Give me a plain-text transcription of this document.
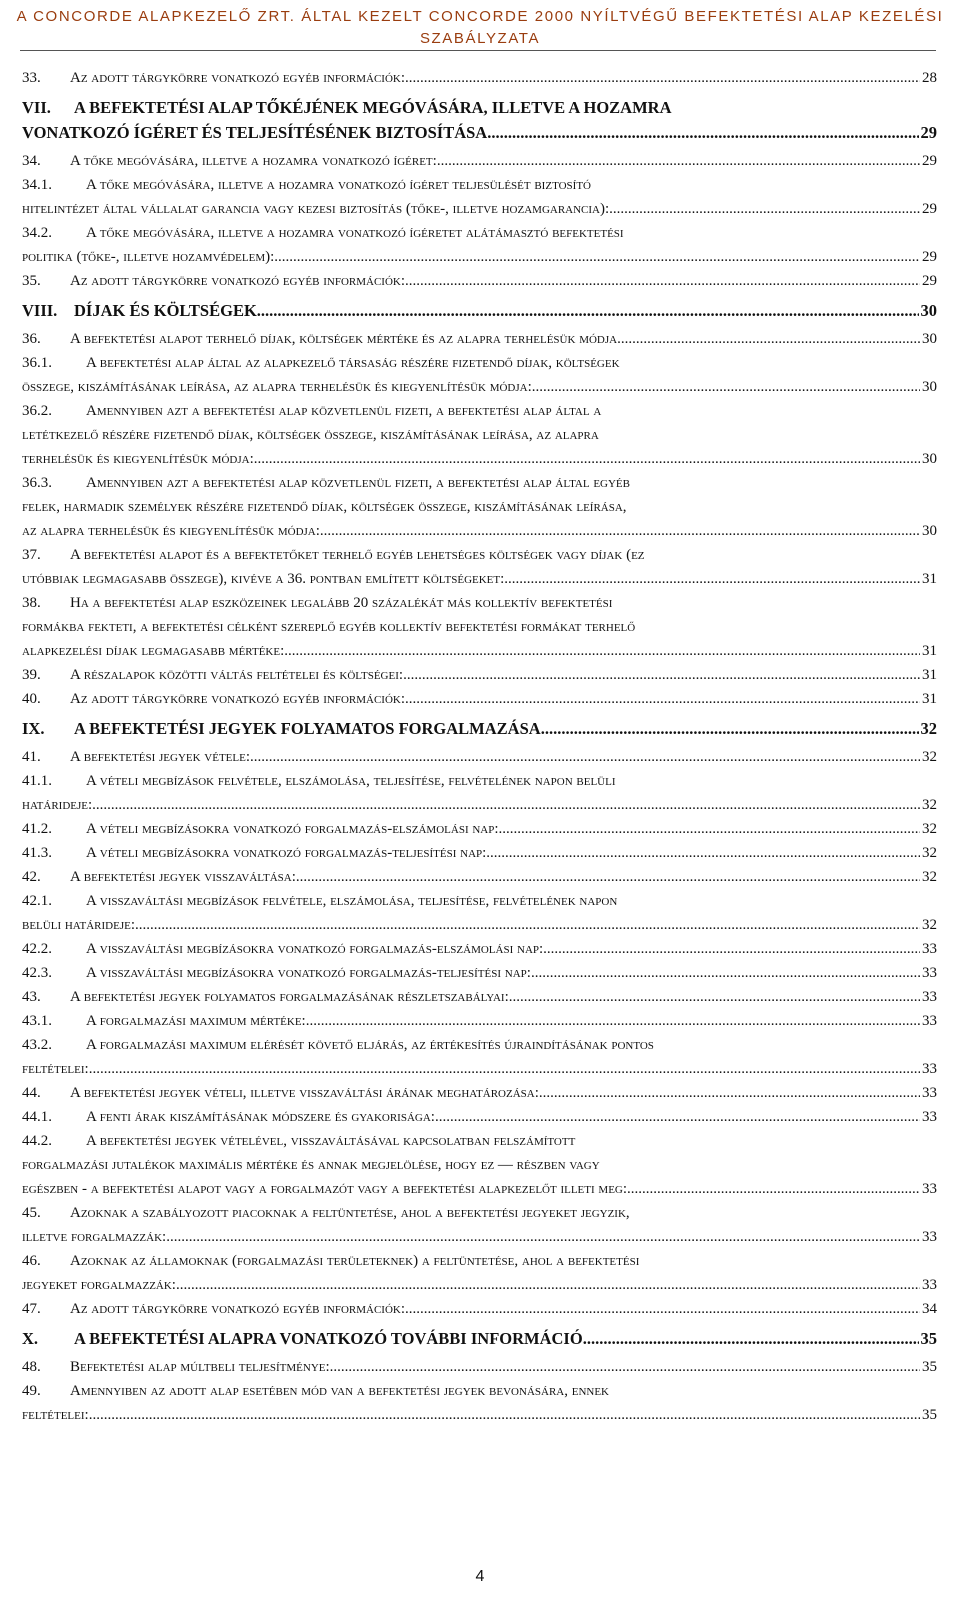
A CONCORDE ALAPKEZELŐ ZRT. ÁLTAL KEZELT CONCORDE 2000 NYÍLTVÉGŰ BEFEKTETÉSI ALAP KEZELÉSI
SZABÁLYZATA
33. Az adott tárgykörre vonatkozó egyéb információk: .....	28
VII. A BEFEKTETÉSI ALAP TŐKÉJÉNEK MEGÓVÁSÁRA, ILLETVE A HOZAMRA
VONATKOZÓ ÍGÉRET ÉS TELJESÍTÉSÉNEK BIZTOSÍTÁSA .....	29
34. A tőke megóvására, illetve a hozamra vonatkozó ígéret: .....	29
34.1. A tőke megóvására, illetve a hozamra vonatkozó ígéret teljesülését biztosító
hitelintézet által vállalat garancia vagy kezesi biztosítás (tőke-, illetve hozamgarancia): .....	29
34.2. A tőke megóvására, illetve a hozamra vonatkozó ígéretet alátámasztó befektetési
politika (tőke-, illetve hozamvédelem): .....	29
35. Az adott tárgykörre vonatkozó egyéb információk: .....	29
VIII. DÍJAK ÉS KÖLTSÉGEK .....	30
36. A befektetési alapot terhelő díjak, költségek mértéke és az alapra terhelésük módja .....	30
36.1. A befektetési alap által az alapkezelő társaság részére fizetendő díjak, költségek
összege, kiszámításának leírása, az alapra terhelésük és kiegyenlítésük módja: .....	30
36.2. Amennyiben azt a befektetési alap közvetlenül fizeti, a befektetési alap által a
letétkezelő részére fizetendő díjak, költségek összege, kiszámításának leírása, az alapra
terhelésük és kiegyenlítésük módja: .....	30
36.3. Amennyiben azt a befektetési alap közvetlenül fizeti, a befektetési alap által egyéb
felek, harmadik személyek részére fizetendő díjak, költségek összege, kiszámításának leírása,
az alapra terhelésük és kiegyenlítésük módja: .....	30
37. A befektetési alapot és a befektetőket terhelő egyéb lehetséges költségek vagy díjak (ez
utóbbiak legmagasabb összege), kivéve a 36. pontban említett költségeket: .....	31
38. Ha a befektetési alap eszközeinek legalább 20 százalékát más kollektív befektetési
formákba fekteti, a befektetési célként szereplő egyéb kollektív befektetési formákat terhelő
alapkezelési díjak legmagasabb mértéke: .....	31
39. A részalapok közötti váltás feltételei és költségei: .....	31
40. Az adott tárgykörre vonatkozó egyéb információk: .....	31
IX. A BEFEKTETÉSI JEGYEK FOLYAMATOS FORGALMAZÁSA .....	32
41. A befektetési jegyek vétele: .....	32
41.1. A vételi megbízások felvétele, elszámolása, teljesítése, felvételének napon belüli
határideje: .....	32
41.2. A vételi megbízásokra vonatkozó forgalmazás-elszámolási nap: .....	32
41.3. A vételi megbízásokra vonatkozó forgalmazás-teljesítési nap: .....	32
42. A befektetési jegyek visszaváltása: .....	32
42.1. A visszaváltási megbízások felvétele, elszámolása, teljesítése, felvételének napon
belüli határideje: .....	32
42.2. A visszaváltási megbízásokra vonatkozó forgalmazás-elszámolási nap: .....	33
42.3. A visszaváltási megbízásokra vonatkozó forgalmazás-teljesítési nap: .....	33
43. A befektetési jegyek folyamatos forgalmazásának részletszabályai: .....	33
43.1. A forgalmazási maximum mértéke: .....	33
43.2. A forgalmazási maximum elérését követő eljárás, az értékesítés újraindításának pontos
feltételei: .....	33
44. A befektetési jegyek vételi, illetve visszaváltási árának meghatározása: .....	33
44.1. A fenti árak kiszámításának módszere és gyakorisága: .....	33
44.2. A befektetési jegyek vételével, visszaváltásával kapcsolatban felszámított
forgalmazási jutalékok maximális mértéke és annak megjelölése, hogy ez — részben vagy
egészben - a befektetési alapot vagy a forgalmazót vagy a befektetési alapkezelőt illeti meg: .....	33
45. Azoknak a szabályozott piacoknak a feltüntetése, ahol a befektetési jegyeket jegyzik,
illetve forgalmazzák: .....	33
46. Azoknak az államoknak (forgalmazási területeknek) a feltüntetése, ahol a befektetési
jegyeket forgalmazzák: .....	33
47. Az adott tárgykörre vonatkozó egyéb információk: .....	34
X. A BEFEKTETÉSI ALAPRA VONATKOZÓ TOVÁBBI INFORMÁCIÓ .....	35
48. Befektetési alap múltbeli teljesítménye: .....	35
49. Amennyiben az adott alap esetében mód van a befektetési jegyek bevonására, ennek
feltételei: .....	35
4
